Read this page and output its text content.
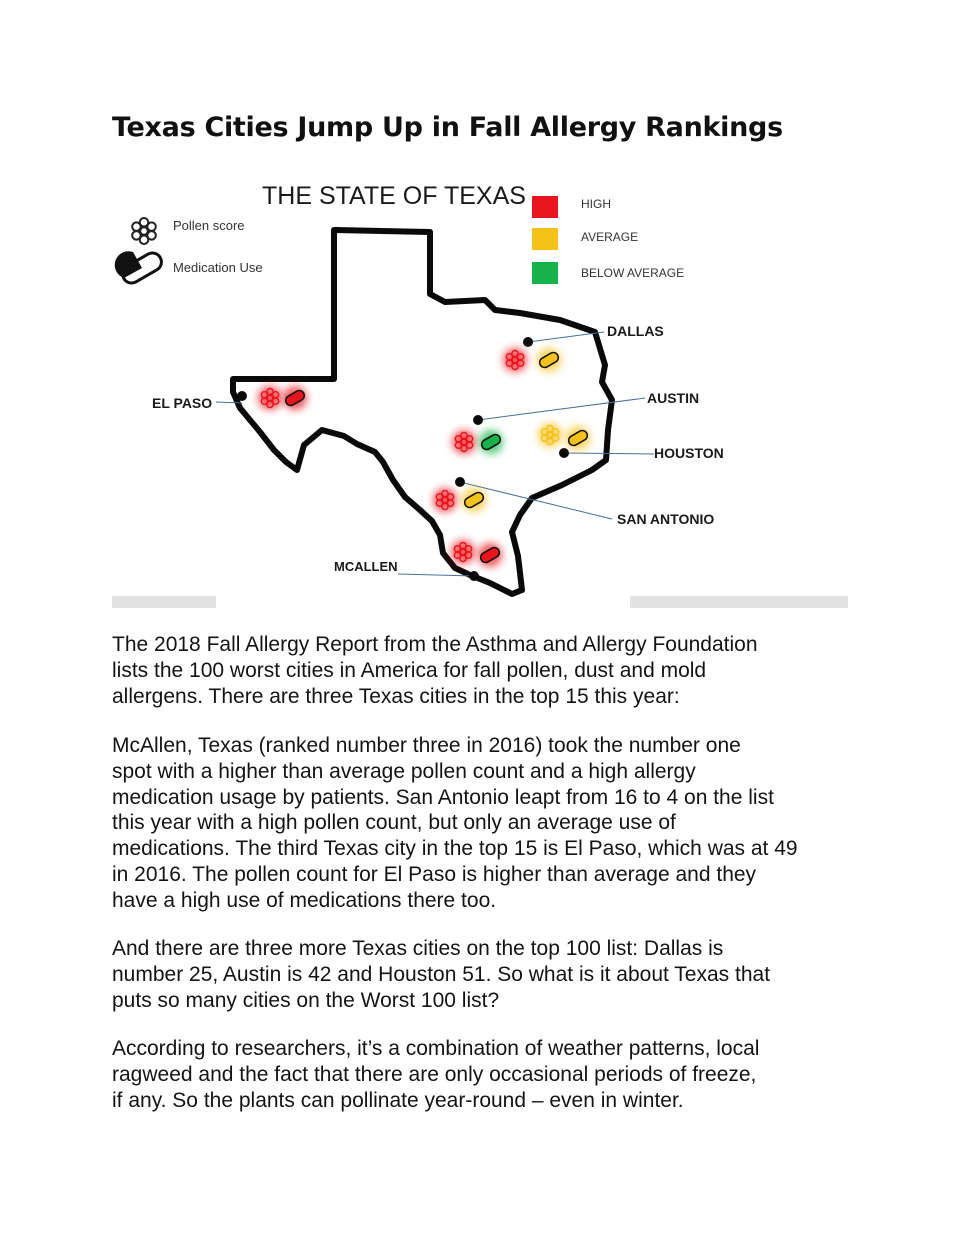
Texas Cities Jump Up in Fall Allergy Rankings
THE STATE OF TEXAS
Pollen score
Medication Use
HIGH
AVERAGE
BELOW AVERAGE
DALLAS
AUSTIN
HOUSTON
EL PASO
SAN ANTONIO
MCALLEN

The 2018 Fall Allergy Report from the Asthma and Allergy Foundation
lists the 100 worst cities in America for fall pollen, dust and mold
allergens. There are three Texas cities in the top 15 this year:

McAllen, Texas (ranked number three in 2016) took the number one
spot with a higher than average pollen count and a high allergy
medication usage by patients. San Antonio leapt from 16 to 4 on the list
this year with a high pollen count, but only an average use of
medications. The third Texas city in the top 15 is El Paso, which was at 49
in 2016. The pollen count for El Paso is higher than average and they
have a high use of medications there too.

And there are three more Texas cities on the top 100 list: Dallas is
number 25, Austin is 42 and Houston 51. So what is it about Texas that
puts so many cities on the Worst 100 list?

According to researchers, it’s a combination of weather patterns, local
ragweed and the fact that there are only occasional periods of freeze,
if any. So the plants can pollinate year-round – even in winter.
